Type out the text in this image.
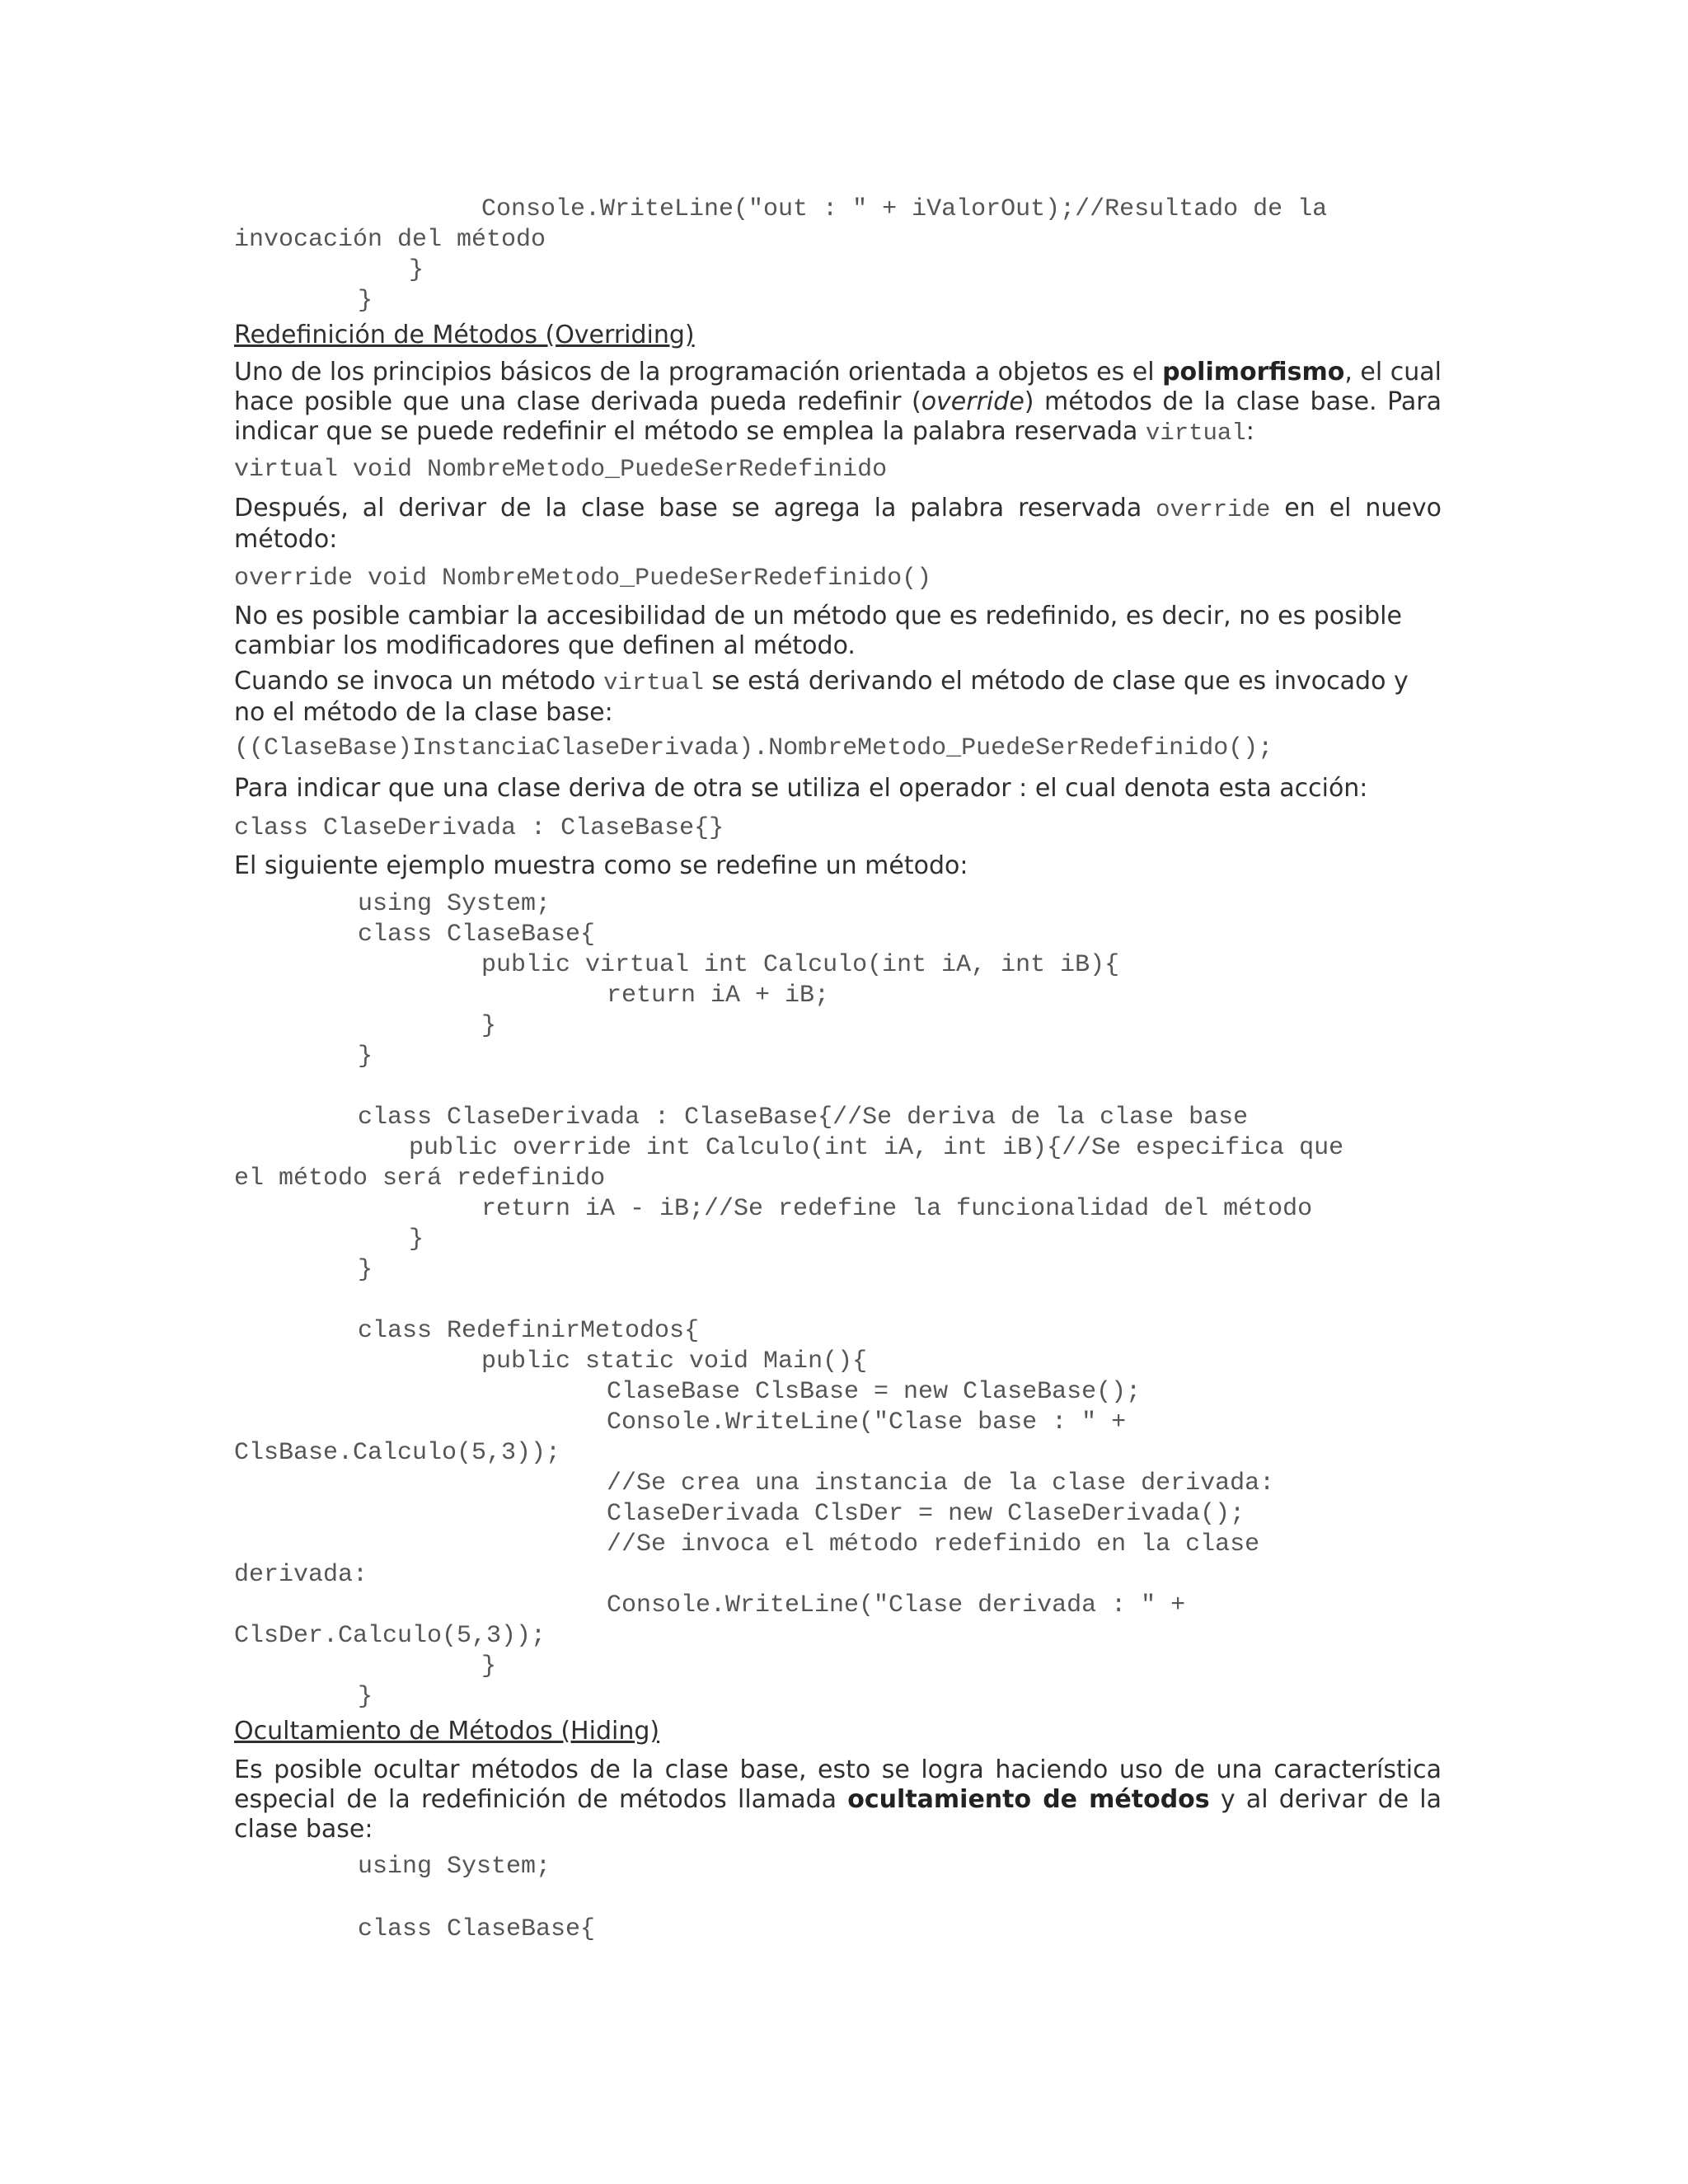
Console.WriteLine("out : " + iValorOut);//Resultado de la
invocación del método
}
}

Redefinición de Métodos (Overriding)

Uno de los principios básicos de la programación orientada a objetos es el polimorfismo, el cual hace posible que una clase derivada pueda redefinir (override) métodos de la clase base. Para indicar que se puede redefinir el método se emplea la palabra reservada virtual:

virtual void NombreMetodo_PuedeSerRedefinido

Después, al derivar de la clase base se agrega la palabra reservada override en el nuevo método:

override void NombreMetodo_PuedeSerRedefinido()

No es posible cambiar la accesibilidad de un método que es redefinido, es decir, no es posible cambiar los modificadores que definen al método.

Cuando se invoca un método virtual se está derivando el método de clase que es invocado y no el método de la clase base:

((ClaseBase)InstanciaClaseDerivada).NombreMetodo_PuedeSerRedefinido();

Para indicar que una clase deriva de otra se utiliza el operador : el cual denota esta acción:

class ClaseDerivada : ClaseBase{}

El siguiente ejemplo muestra como se redefine un método:

using System;
class ClaseBase{
public virtual int Calculo(int iA, int iB){
return iA + iB;
}
}
class ClaseDerivada : ClaseBase{//Se deriva de la clase base
public override int Calculo(int iA, int iB){//Se especifica que
el método será redefinido
return iA - iB;//Se redefine la funcionalidad del método
}
}
class RedefinirMetodos{
public static void Main(){
ClaseBase ClsBase = new ClaseBase();
Console.WriteLine("Clase base : " +
ClsBase.Calculo(5,3));
//Se crea una instancia de la clase derivada:
ClaseDerivada ClsDer = new ClaseDerivada();
//Se invoca el método redefinido en la clase
derivada:
Console.WriteLine("Clase derivada : " +
ClsDer.Calculo(5,3));
}
}

Ocultamiento de Métodos (Hiding)

Es posible ocultar métodos de la clase base, esto se logra haciendo uso de una característica especial de la redefinición de métodos llamada ocultamiento de métodos y al derivar de la clase base:

using System;
class ClaseBase{
